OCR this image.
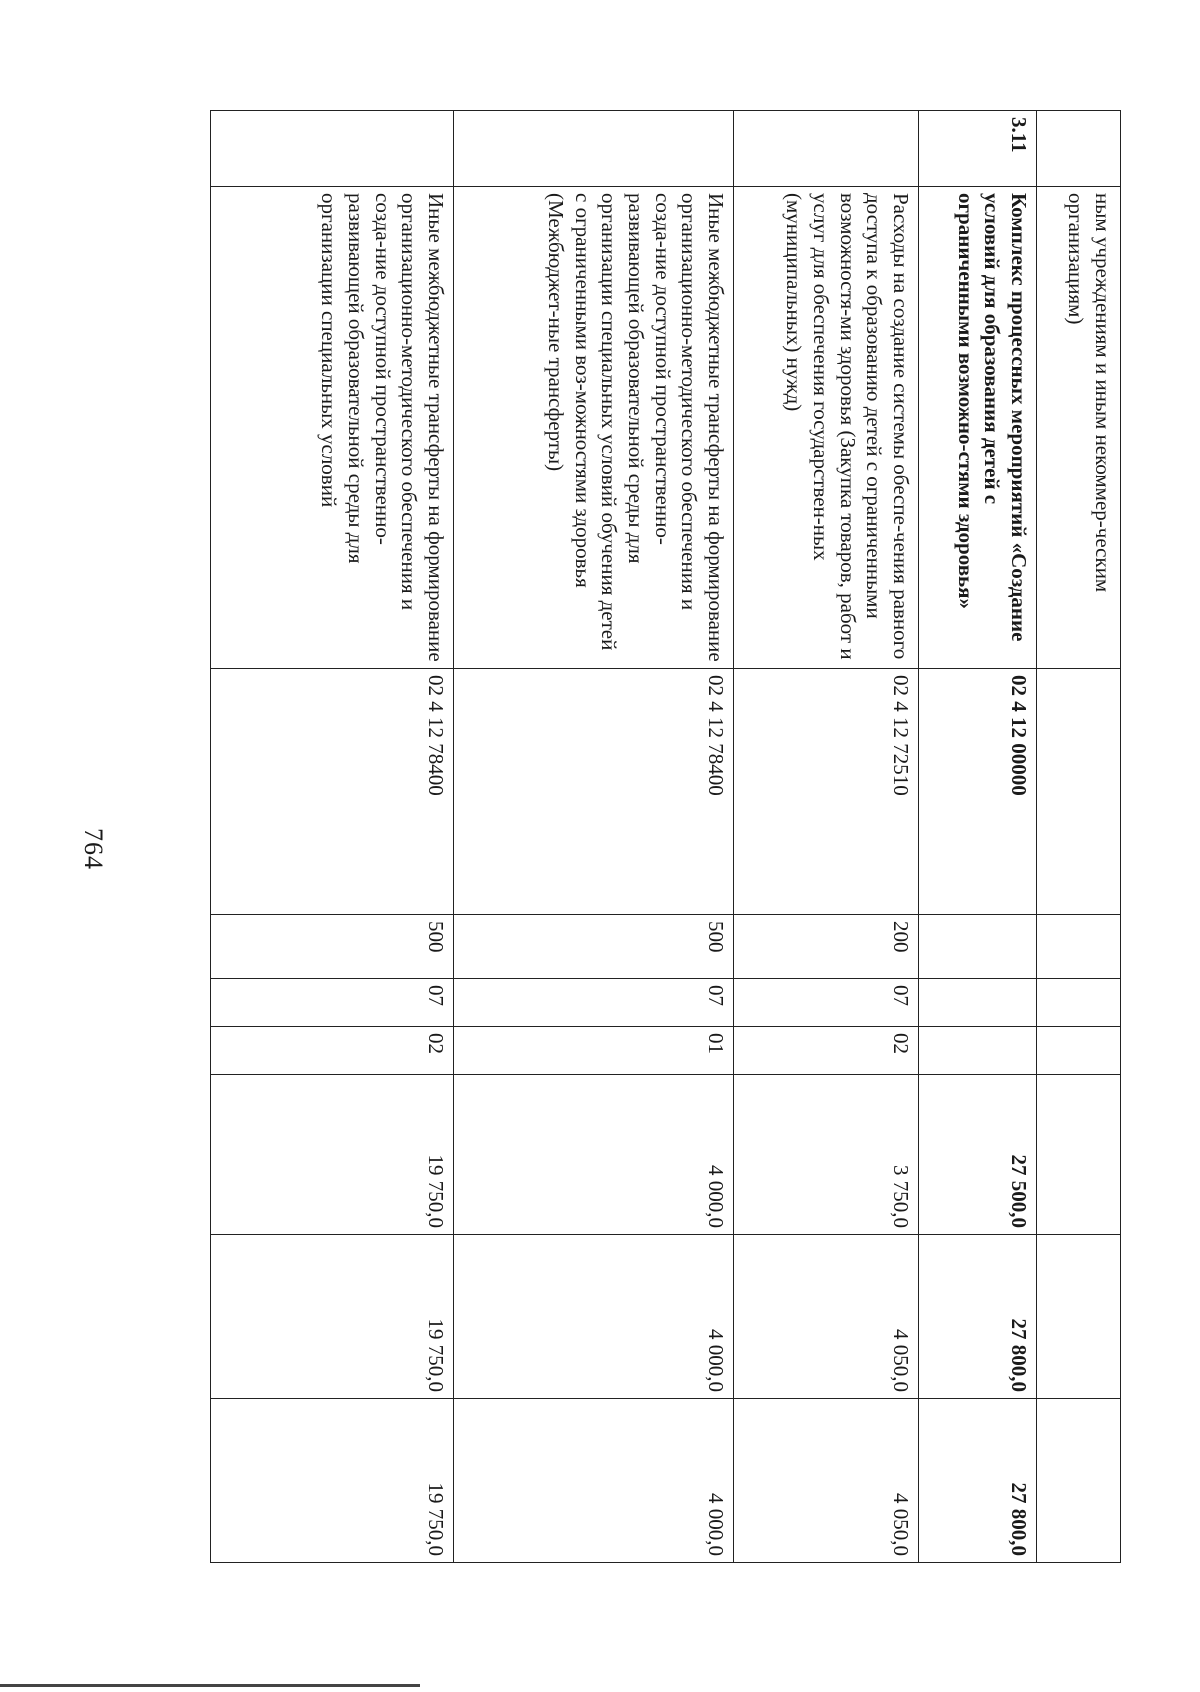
764
	ным учреждениям и иным некоммер-ческим организациям)							
3.11	Комплекс процессных мероприятий «Создание условий для образования детей с ограниченными возможно-стями здоровья»	02 4 12 00000				27 500,0	27 800,0	27 800,0
	Расходы на создание системы обеспе-чения равного доступа к образованию детей с ограниченными возможностя-ми здоровья (Закупка товаров, работ и услуг для обеспечения государствен-ных (муниципальных) нужд)	02 4 12 72510	200	07	02	3 750,0	4 050,0	4 050,0
	Иные межбюджетные трансферты на формирование организационно-методического обеспечения и созда-ние доступной пространственно-развивающей образовательной среды для организации специальных условий обучения детей с ограниченными воз-можностями здоровья (Межбюджет-ные трансферты)	02 4 12 78400	500	07	01	4 000,0	4 000,0	4 000,0
	Иные межбюджетные трансферты на формирование организационно-методического обеспечения и созда-ние доступной пространственно-развивающей образовательной среды для организации специальных условий	02 4 12 78400	500	07	02	19 750,0	19 750,0	19 750,0
